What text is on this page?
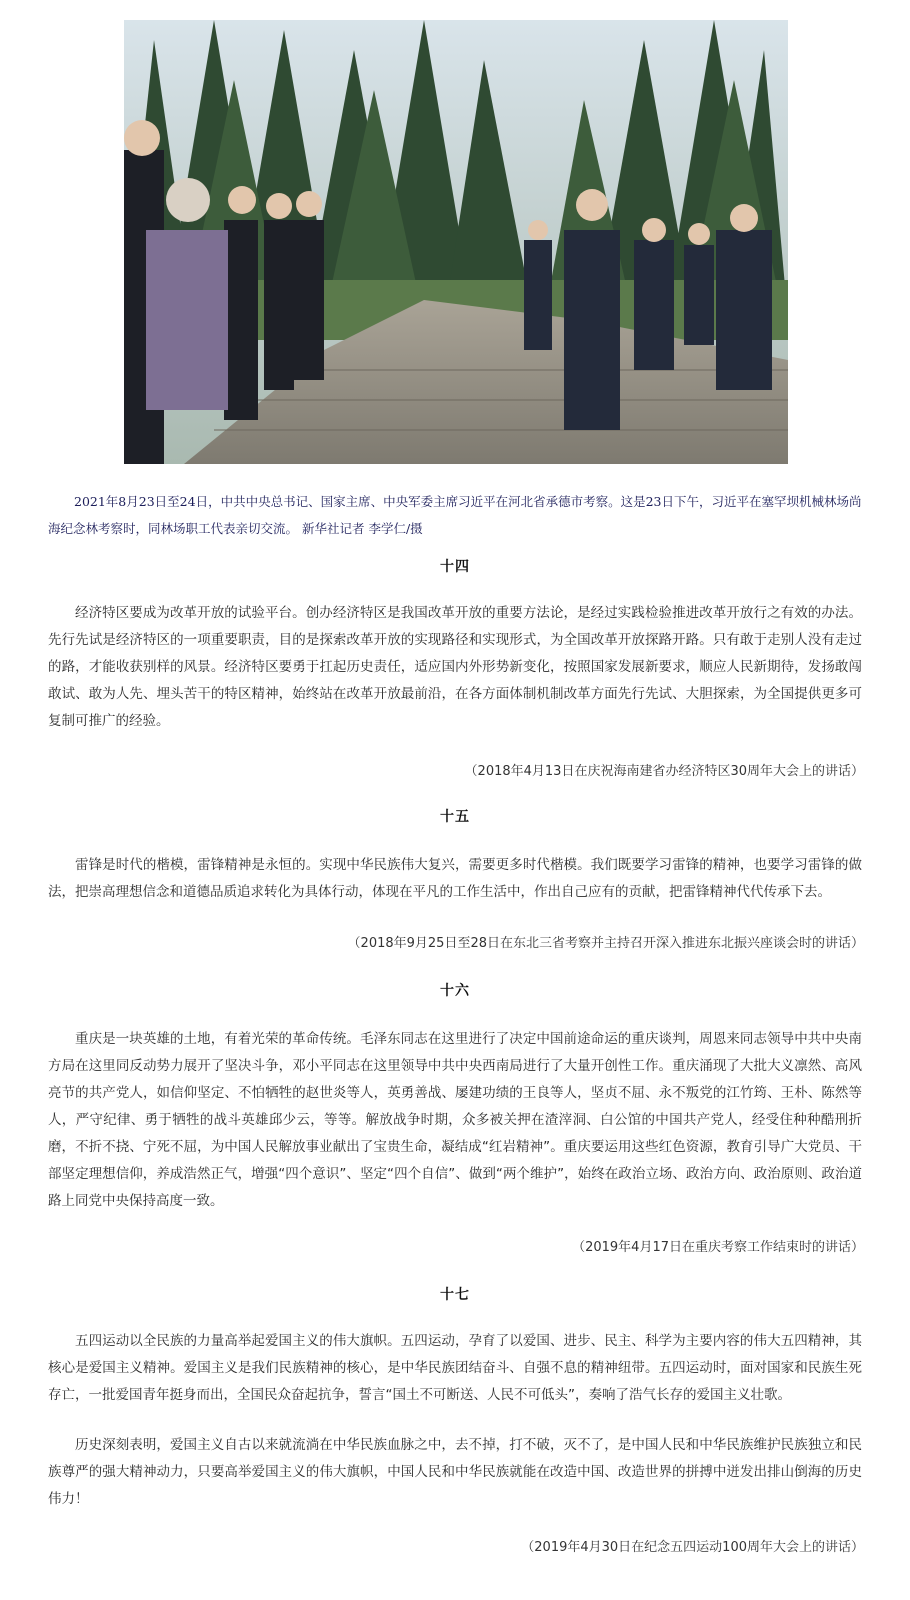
2021年8月23日至24日，中共中央总书记、国家主席、中央军委主席习近平在河北省承德市考察。这是23日下午，习近平在塞罕坝机械林场尚海纪念林考察时，同林场职工代表亲切交流。 新华社记者 李学仁/摄

十四

经济特区要成为改革开放的试验平台。创办经济特区是我国改革开放的重要方法论，是经过实践检验推进改革开放行之有效的办法。先行先试是经济特区的一项重要职责，目的是探索改革开放的实现路径和实现形式，为全国改革开放探路开路。只有敢于走别人没有走过的路，才能收获别样的风景。经济特区要勇于扛起历史责任，适应国内外形势新变化，按照国家发展新要求，顺应人民新期待，发扬敢闯敢试、敢为人先、埋头苦干的特区精神，始终站在改革开放最前沿，在各方面体制机制改革方面先行先试、大胆探索，为全国提供更多可复制可推广的经验。

（2018年4月13日在庆祝海南建省办经济特区30周年大会上的讲话）

十五

雷锋是时代的楷模，雷锋精神是永恒的。实现中华民族伟大复兴，需要更多时代楷模。我们既要学习雷锋的精神，也要学习雷锋的做法，把崇高理想信念和道德品质追求转化为具体行动，体现在平凡的工作生活中，作出自己应有的贡献，把雷锋精神代代传承下去。

（2018年9月25日至28日在东北三省考察并主持召开深入推进东北振兴座谈会时的讲话）

十六

重庆是一块英雄的土地，有着光荣的革命传统。毛泽东同志在这里进行了决定中国前途命运的重庆谈判，周恩来同志领导中共中央南方局在这里同反动势力展开了坚决斗争，邓小平同志在这里领导中共中央西南局进行了大量开创性工作。重庆涌现了大批大义凛然、高风亮节的共产党人，如信仰坚定、不怕牺牲的赵世炎等人，英勇善战、屡建功绩的王良等人，坚贞不屈、永不叛党的江竹筠、王朴、陈然等人，严守纪律、勇于牺牲的战斗英雄邱少云，等等。解放战争时期，众多被关押在渣滓洞、白公馆的中国共产党人，经受住种种酷刑折磨，不折不挠、宁死不屈，为中国人民解放事业献出了宝贵生命，凝结成“红岩精神”。重庆要运用这些红色资源，教育引导广大党员、干部坚定理想信仰，养成浩然正气，增强“四个意识”、坚定“四个自信”、做到“两个维护”，始终在政治立场、政治方向、政治原则、政治道路上同党中央保持高度一致。

（2019年4月17日在重庆考察工作结束时的讲话）

十七

五四运动以全民族的力量高举起爱国主义的伟大旗帜。五四运动，孕育了以爱国、进步、民主、科学为主要内容的伟大五四精神，其核心是爱国主义精神。爱国主义是我们民族精神的核心，是中华民族团结奋斗、自强不息的精神纽带。五四运动时，面对国家和民族生死存亡，一批爱国青年挺身而出，全国民众奋起抗争，誓言“国土不可断送、人民不可低头”，奏响了浩气长存的爱国主义壮歌。

历史深刻表明，爱国主义自古以来就流淌在中华民族血脉之中，去不掉，打不破，灭不了，是中国人民和中华民族维护民族独立和民族尊严的强大精神动力，只要高举爱国主义的伟大旗帜，中国人民和中华民族就能在改造中国、改造世界的拼搏中迸发出排山倒海的历史伟力！

（2019年4月30日在纪念五四运动100周年大会上的讲话）
